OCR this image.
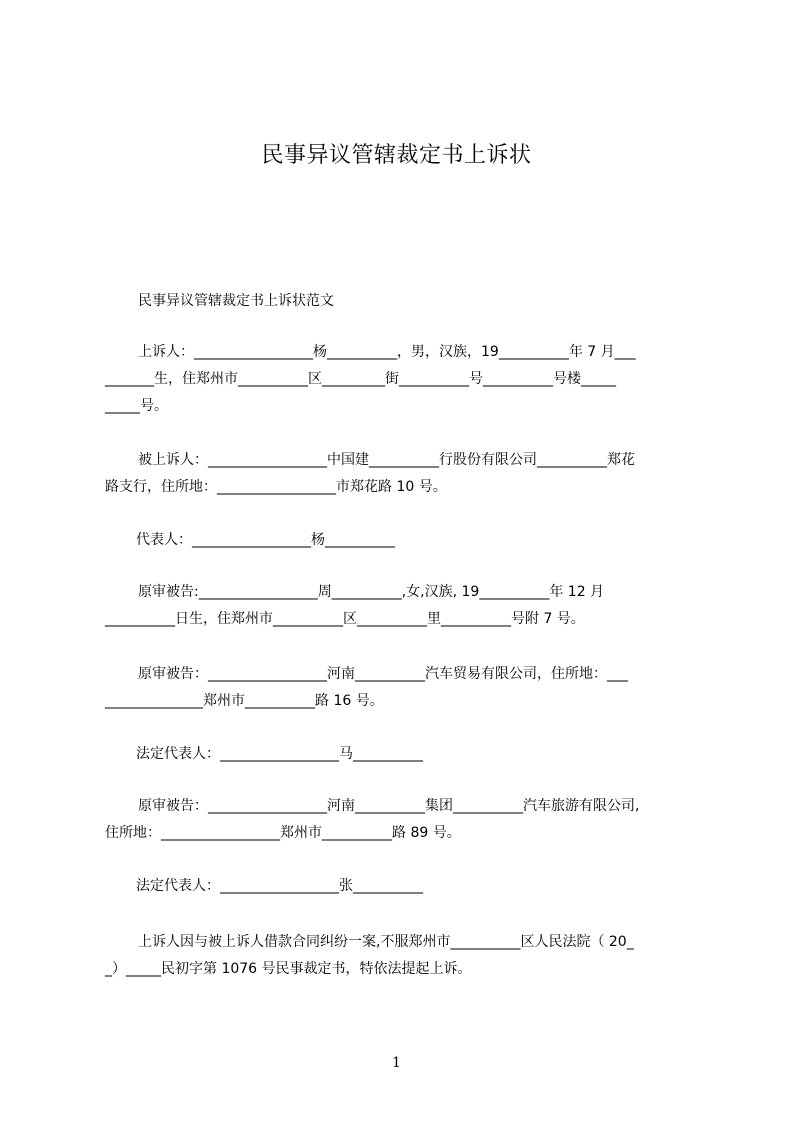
民事异议管辖裁定书上诉状
民事异议管辖裁定书上诉状范文
上诉人：_________________杨__________，男，汉族，19__________年 7 月___
_______生，住郑州市__________区_________街__________号__________号楼_____
_____号。
被上诉人：_________________中国建__________行股份有限公司__________郑花
路支行，住所地：_________________市郑花路 10 号。
代表人：_________________杨__________
原审被告:_________________周__________,女,汉族, 19__________年 12 月
__________日生，住郑州市__________区__________里__________号附 7 号。
原审被告：_________________河南__________汽车贸易有限公司，住所地：___
______________郑州市__________路 16 号。
法定代表人：_________________马__________
原审被告：_________________河南__________集团__________汽车旅游有限公司,
住所地：_________________郑州市__________路 89 号。
法定代表人：_________________张__________
上诉人因与被上诉人借款合同纠纷一案,不服郑州市__________区人民法院（ 20_
_）_____民初字第 1076 号民事裁定书，特依法提起上诉。
1
